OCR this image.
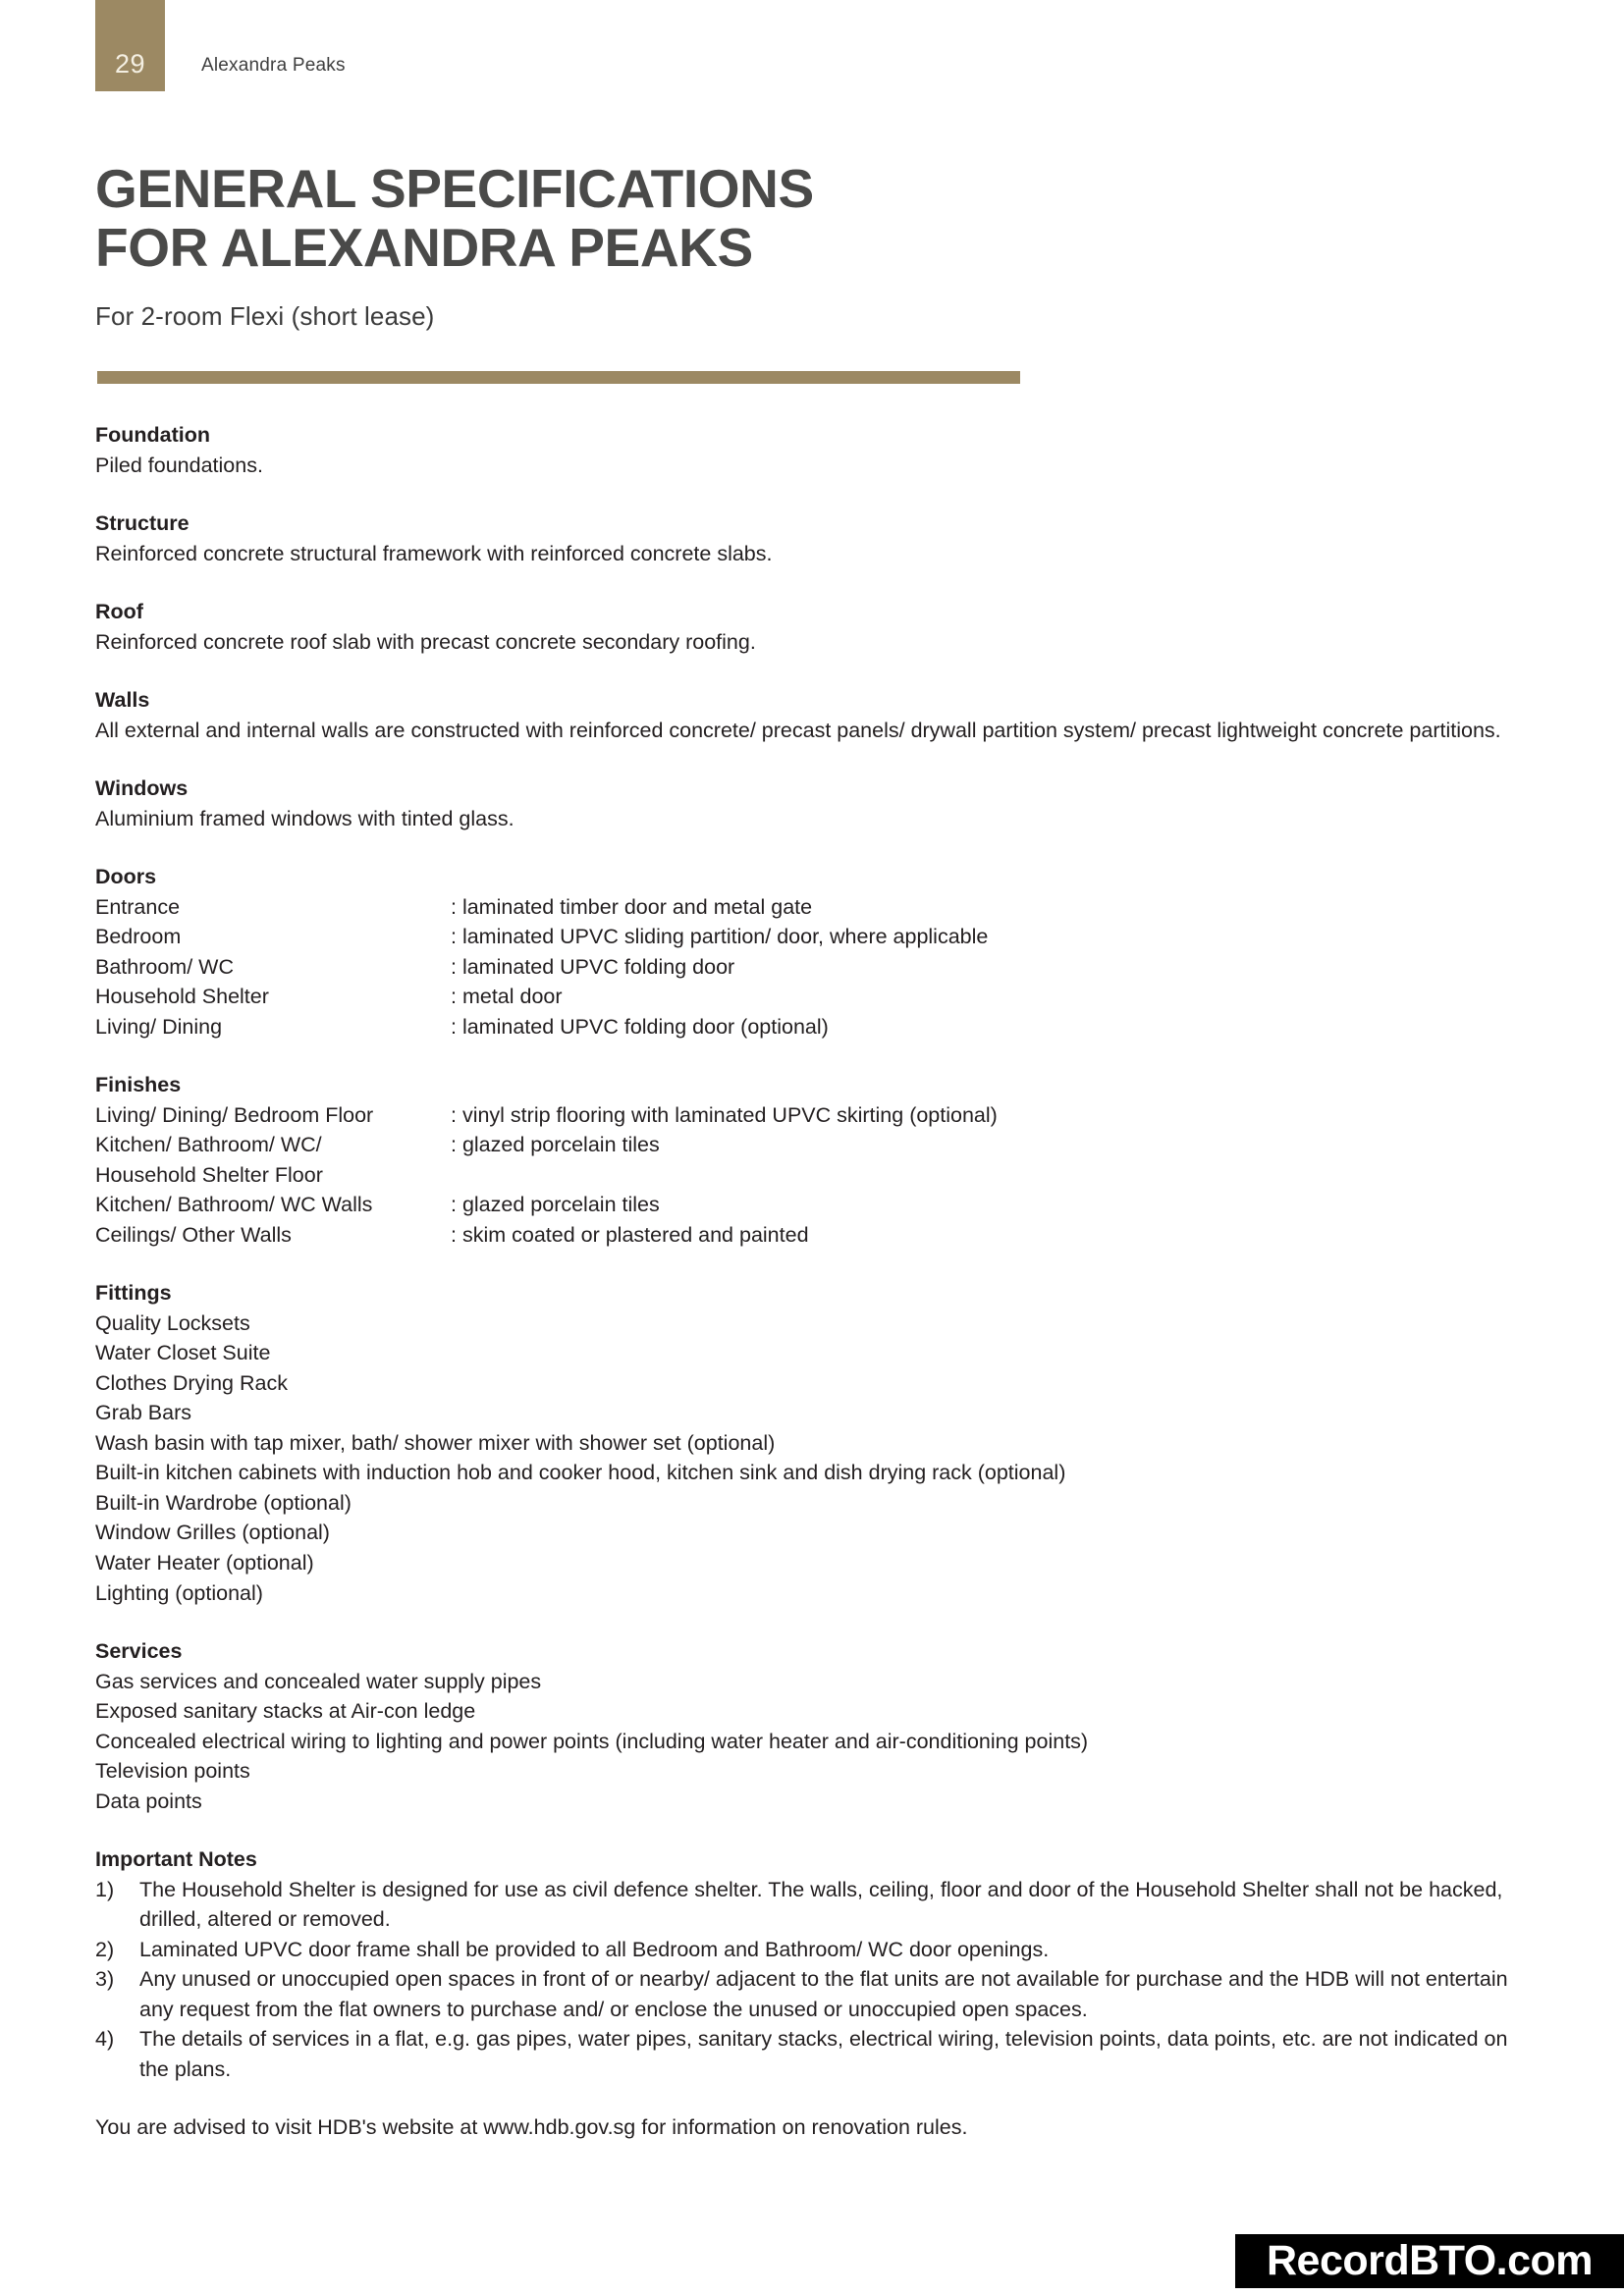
29	Alexandra Peaks
GENERAL SPECIFICATIONS
FOR ALEXANDRA PEAKS
For 2-room Flexi (short lease)
Foundation
Piled foundations.
Structure
Reinforced concrete structural framework with reinforced concrete slabs.
Roof
Reinforced concrete roof slab with precast concrete secondary roofing.
Walls
All external and internal walls are constructed with reinforced concrete/ precast panels/ drywall partition system/ precast lightweight concrete partitions.
Windows
Aluminium framed windows with tinted glass.
Doors
Entrance	: laminated timber door and metal gate
Bedroom	: laminated UPVC sliding partition/ door, where applicable
Bathroom/ WC	: laminated UPVC folding door
Household Shelter	: metal door
Living/ Dining	: laminated UPVC folding door (optional)
Finishes
Living/ Dining/ Bedroom Floor	: vinyl strip flooring with laminated UPVC skirting (optional)
Kitchen/ Bathroom/ WC/	: glazed porcelain tiles
Household Shelter Floor
Kitchen/ Bathroom/ WC Walls	: glazed porcelain tiles
Ceilings/ Other Walls	: skim coated or plastered and painted
Fittings
Quality Locksets
Water Closet Suite
Clothes Drying Rack
Grab Bars
Wash basin with tap mixer, bath/ shower mixer with shower set (optional)
Built-in kitchen cabinets with induction hob and cooker hood, kitchen sink and dish drying rack (optional)
Built-in Wardrobe (optional)
Window Grilles (optional)
Water Heater (optional)
Lighting (optional)
Services
Gas services and concealed water supply pipes
Exposed sanitary stacks at Air-con ledge
Concealed electrical wiring to lighting and power points (including water heater and air-conditioning points)
Television points
Data points
Important Notes
1)	The Household Shelter is designed for use as civil defence shelter. The walls, ceiling, floor and door of the Household Shelter shall not be hacked, drilled, altered or removed.
2)	Laminated UPVC door frame shall be provided to all Bedroom and Bathroom/ WC door openings.
3)	Any unused or unoccupied open spaces in front of or nearby/ adjacent to the flat units are not available for purchase and the HDB will not entertain any request from the flat owners to purchase and/ or enclose the unused or unoccupied open spaces.
4)	The details of services in a flat, e.g. gas pipes, water pipes, sanitary stacks, electrical wiring, television points, data points, etc. are not indicated on the plans.
You are advised to visit HDB's website at www.hdb.gov.sg for information on renovation rules.
RecordBTO.com
